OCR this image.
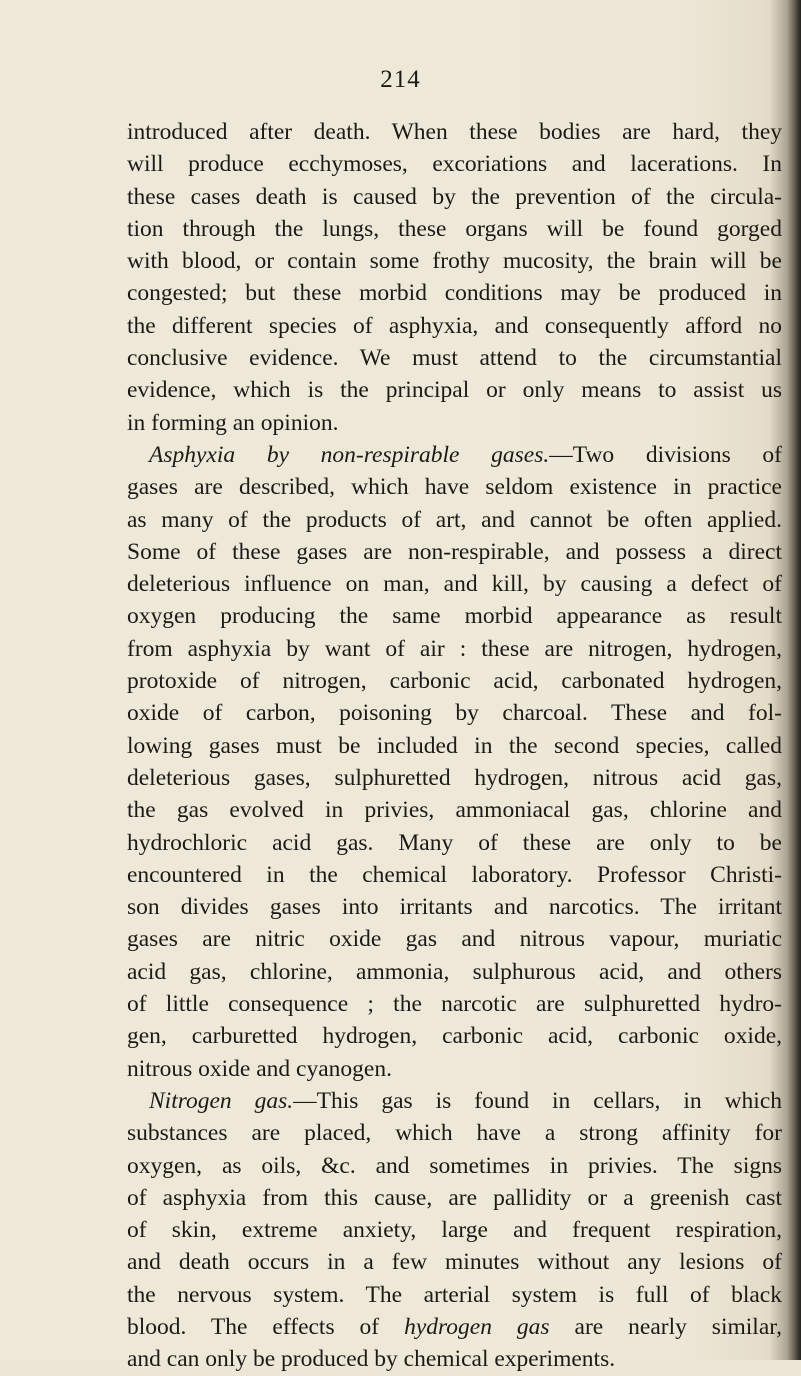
214
introduced after death. When these bodies are hard, they
will produce ecchymoses, excoriations and lacerations. In
these cases death is caused by the prevention of the circula-
tion through the lungs, these organs will be found gorged
with blood, or contain some frothy mucosity, the brain will be
congested; but these morbid conditions may be produced in
the different species of asphyxia, and consequently afford no
conclusive evidence. We must attend to the circumstantial
evidence, which is the principal or only means to assist us
in forming an opinion.
Asphyxia by non-respirable gases.—Two divisions of
gases are described, which have seldom existence in practice
as many of the products of art, and cannot be often applied.
Some of these gases are non-respirable, and possess a direct
deleterious influence on man, and kill, by causing a defect of
oxygen producing the same morbid appearance as result
from asphyxia by want of air : these are nitrogen, hydrogen,
protoxide of nitrogen, carbonic acid, carbonated hydrogen,
oxide of carbon, poisoning by charcoal. These and fol-
lowing gases must be included in the second species, called
deleterious gases, sulphuretted hydrogen, nitrous acid gas,
the gas evolved in privies, ammoniacal gas, chlorine and
hydrochloric acid gas. Many of these are only to be
encountered in the chemical laboratory. Professor Christi-
son divides gases into irritants and narcotics. The irritant
gases are nitric oxide gas and nitrous vapour, muriatic
acid gas, chlorine, ammonia, sulphurous acid, and others
of little consequence ; the narcotic are sulphuretted hydro-
gen, carburetted hydrogen, carbonic acid, carbonic oxide,
nitrous oxide and cyanogen.
Nitrogen gas.—This gas is found in cellars, in which
substances are placed, which have a strong affinity for
oxygen, as oils, &c. and sometimes in privies. The signs
of asphyxia from this cause, are pallidity or a greenish cast
of skin, extreme anxiety, large and frequent respiration,
and death occurs in a few minutes without any lesions of
the nervous system. The arterial system is full of black
blood. The effects of hydrogen gas are nearly similar,
and can only be produced by chemical experiments.
